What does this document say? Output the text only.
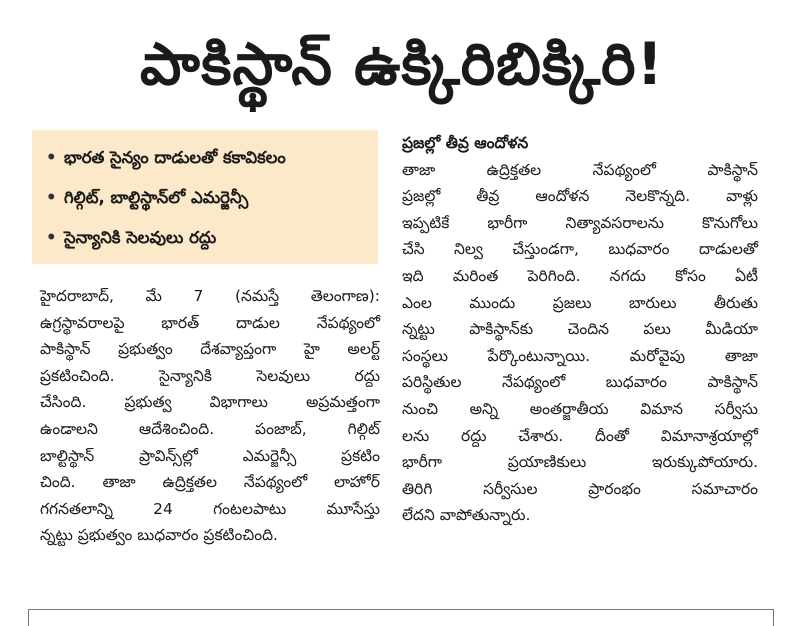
పాకిస్థాన్ ఉక్కిరిబిక్కిరి!
• భారత సైన్యం దాడులతో కకావికలం
• గిల్గిట్, బాల్టిస్థాన్‌లో ఎమర్జెన్సీ
• సైన్యానికి సెలవులు రద్దు
హైదరాబాద్, మే 7 (నమస్తే తెలంగాణ):
ఉగ్రస్థావరాలపై భారత్ దాడుల నేపథ్యంలో
పాకిస్థాన్ ప్రభుత్వం దేశవ్యాప్తంగా హై అలర్ట్
ప్రకటించింది. సైన్యానికి సెలవులు రద్దు
చేసింది. ప్రభుత్వ విభాగాలు అప్రమత్తంగా
ఉండాలని ఆదేశించింది. పంజాబ్, గిల్గిట్
బాల్టిస్థాన్ ప్రావిన్స్‌ల్లో ఎమర్జెన్సీ ప్రకటిం
చింది. తాజా ఉద్రిక్తతల నేపథ్యంలో లాహోర్
గగనతలాన్ని 24 గంటలపాటు మూసేస్తు
న్నట్టు ప్రభుత్వం బుధవారం ప్రకటించింది.
ప్రజల్లో తీవ్ర ఆందోళన
తాజా ఉద్రిక్తతల నేపథ్యంలో పాకిస్థాన్
ప్రజల్లో తీవ్ర ఆందోళన నెలకొన్నది. వాళ్లు
ఇప్పటికే భారీగా నిత్యావసరాలను కొనుగోలు
చేసి నిల్వ చేస్తుండగా, బుధవారం దాడులతో
ఇది మరింత పెరిగింది. నగదు కోసం ఏటీ
ఎంల ముందు ప్రజలు బారులు తీరుతు
న్నట్టు పాకిస్థాన్‌కు చెందిన పలు మీడియా
సంస్థలు పేర్కొంటున్నాయి. మరోవైపు తాజా
పరిస్థితుల నేపథ్యంలో బుధవారం పాకిస్థాన్
నుంచి అన్ని అంతర్జాతీయ విమాన సర్వీసు
లను రద్దు చేశారు. దీంతో విమానాశ్రయాల్లో
భారీగా ప్రయాణికులు ఇరుక్కుపోయారు.
తిరిగి సర్వీసుల ప్రారంభం సమాచారం
లేదని వాపోతున్నారు.
